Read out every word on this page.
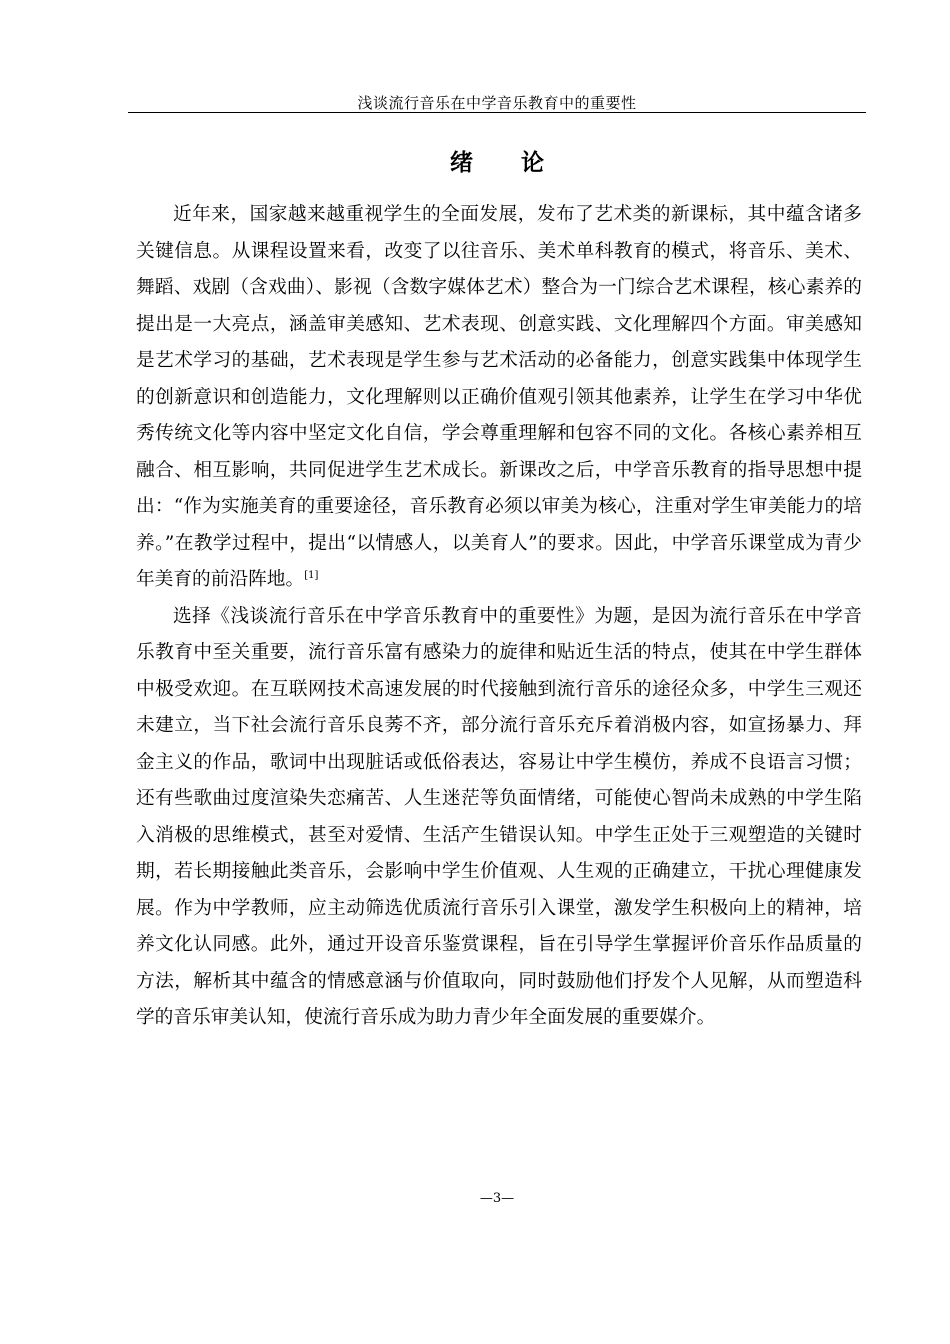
浅谈流行音乐在中学音乐教育中的重要性
绪 论

近年来，国家越来越重视学生的全面发展，发布了艺术类的新课标，其中蕴含诸多关键信息。从课程设置来看，改变了以往音乐、美术单科教育的模式，将音乐、美术、舞蹈、戏剧（含戏曲）、影视（含数字媒体艺术）整合为一门综合艺术课程，核心素养的提出是一大亮点，涵盖审美感知、艺术表现、创意实践、文化理解四个方面。审美感知是艺术学习的基础，艺术表现是学生参与艺术活动的必备能力，创意实践集中体现学生的创新意识和创造能力，文化理解则以正确价值观引领其他素养，让学生在学习中华优秀传统文化等内容中坚定文化自信，学会尊重理解和包容不同的文化。各核心素养相互融合、相互影响，共同促进学生艺术成长。新课改之后，中学音乐教育的指导思想中提出：“作为实施美育的重要途径，音乐教育必须以审美为核心，注重对学生审美能力的培养。”在教学过程中，提出“以情感人，以美育人”的要求。因此，中学音乐课堂成为青少年美育的前沿阵地。[1]

选择《浅谈流行音乐在中学音乐教育中的重要性》为题，是因为流行音乐在中学音乐教育中至关重要，流行音乐富有感染力的旋律和贴近生活的特点，使其在中学生群体中极受欢迎。在互联网技术高速发展的时代接触到流行音乐的途径众多，中学生三观还未建立，当下社会流行音乐良莠不齐，部分流行音乐充斥着消极内容，如宣扬暴力、拜金主义的作品，歌词中出现脏话或低俗表达，容易让中学生模仿，养成不良语言习惯；还有些歌曲过度渲染失恋痛苦、人生迷茫等负面情绪，可能使心智尚未成熟的中学生陷入消极的思维模式，甚至对爱情、生活产生错误认知。中学生正处于三观塑造的关键时期，若长期接触此类音乐，会影响中学生价值观、人生观的正确建立，干扰心理健康发展。作为中学教师，应主动筛选优质流行音乐引入课堂，激发学生积极向上的精神，培养文化认同感。此外，通过开设音乐鉴赏课程，旨在引导学生掌握评价音乐作品质量的方法，解析其中蕴含的情感意涵与价值取向，同时鼓励他们抒发个人见解，从而塑造科学的音乐审美认知，使流行音乐成为助力青少年全面发展的重要媒介。

—3—
